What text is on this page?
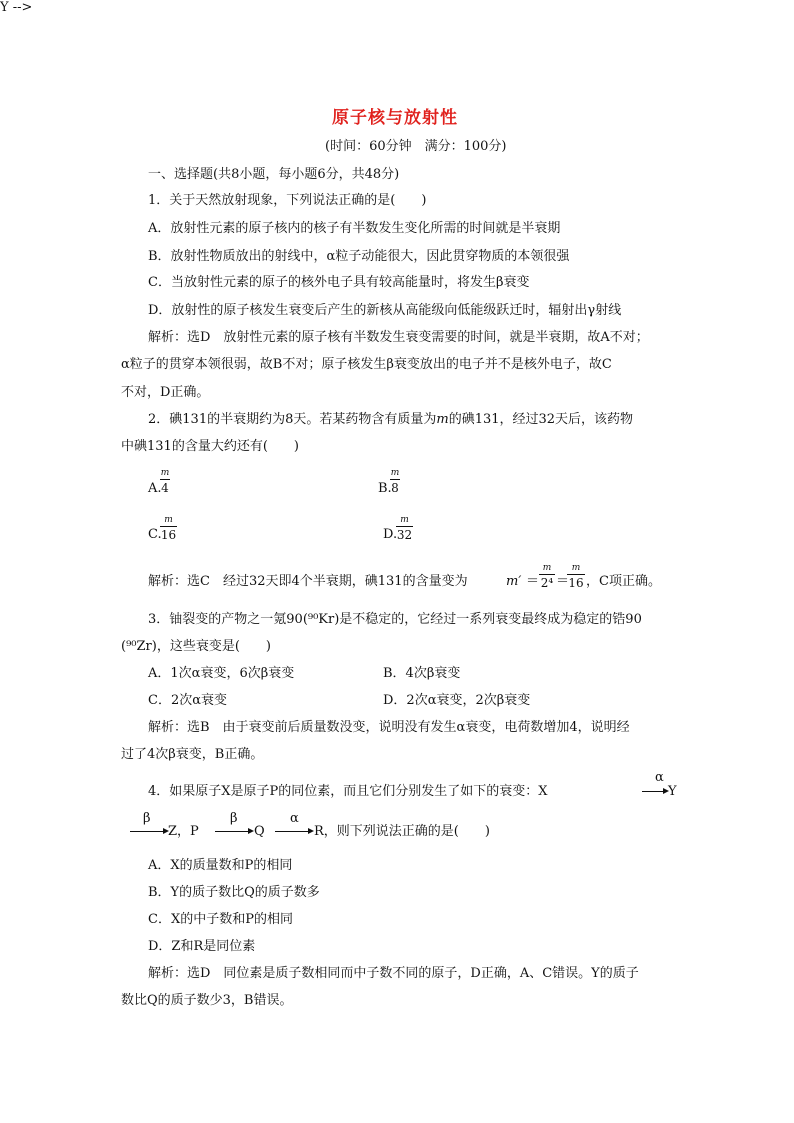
原子核与放射性
(时间：60分钟　满分：100分)
一、选择题(共8小题，每小题6分，共48分)
1．关于天然放射现象，下列说法正确的是(　　)
A．放射性元素的原子核内的核子有半数发生变化所需的时间就是半衰期
B．放射性物质放出的射线中，α粒子动能很大，因此贯穿物质的本领很强
C．当放射性元素的原子的核外电子具有较高能量时，将发生β衰变
D．放射性的原子核发生衰变后产生的新核从高能级向低能级跃迁时，辐射出γ射线
解析：选D　放射性元素的原子核有半数发生衰变需要的时间，就是半衰期，故A不对；
α粒子的贯穿本领很弱，故B不对；原子核发生β衰变放出的电子并不是核外电子，故C
不对，D正确。
2．碘131的半衰期约为8天。若某药物含有质量为m的碘131，经过32天后，该药物
中碘131的含量大约还有(　　)
A.
m
4	B.
m
8
C.
m
16	D.
m
32
解析：选C　经过32天即4个半衰期，碘131的含量变为	m′ ＝
m
2⁴ ＝
m
16 ，C项正确。
3．铀裂变的产物之一氪90(⁹⁰Kr)是不稳定的，它经过一系列衰变最终成为稳定的锆90
(⁹⁰Zr)，这些衰变是(　　)
A．1次α衰变，6次β衰变	B．4次β衰变
C．2次α衰变	D．2次α衰变，2次β衰变
解析：选B　由于衰变前后质量数没变，说明没有发生α衰变，电荷数增加4，说明经
过了4次β衰变，B正确。
4．如果原子X是原子P的同位素，而且它们分别发生了如下的衰变：X
Y -->
α
Y
β
Z，P
β
Q
α
R，则下列说法正确的是(　　)
A．X的质量数和P的相同
B．Y的质子数比Q的质子数多
C．X的中子数和P的相同
D．Z和R是同位素
解析：选D　同位素是质子数相同而中子数不同的原子，D正确，A、C错误。Y的质子
数比Q的质子数少3，B错误。
